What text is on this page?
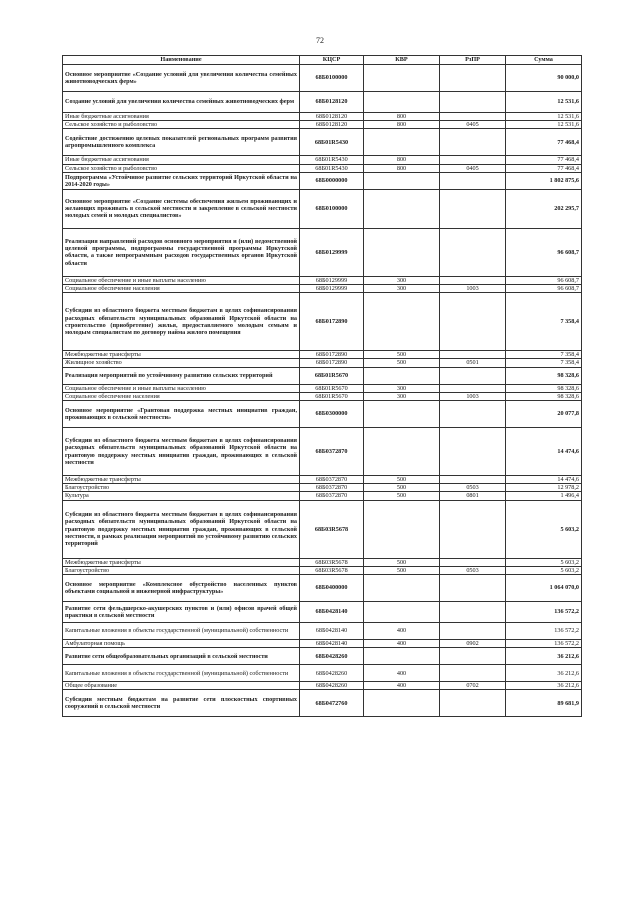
72
Наименование	КЦСР	КВР	РзПР	Сумма
Основное мероприятие «Создание условий для увеличения количества семейных животноводческих ферм»	68Б0100000			90 000,0
Создание условий для увеличения количества семейных животноводческих ферм	68Б0128120			12 531,6
Иные бюджетные ассигнования	68Б0128120	800		12 531,6
Сельское хозяйство и рыболовство	68Б0128120	800	0405	12 531,6
Содействие достижению целевых показателей региональных программ развития агропромышленного комплекса	68Б01R5430			77 468,4
Иные бюджетные ассигнования	68Б01R5430	800		77 468,4
Сельское хозяйство и рыболовство	68Б01R5430	800	0405	77 468,4
Подпрограмма «Устойчивое развитие сельских территорий Иркутской области на 2014-2020 годы»	68Б0000000			1 802 875,6
Основное мероприятие «Создание системы обеспечения жильем проживающих и желающих проживать в сельской местности и закрепление в сельской местности молодых семей и молодых специалистов»	68Б0100000			202 295,7
Реализация направлений расходов основного мероприятия и (или) ведомственной целевой программы, подпрограммы государственной программы Иркутской области, а также непрограммным расходов государственных органов Иркутской области	68Б0129999			96 608,7
Социальное обеспечение и иные выплаты населению	68Б0129999	300		96 608,7
Социальное обеспечение населения	68Б0129999	300	1003	96 608,7
Субсидии из областного бюджета местным бюджетам в целях софинансирования расходных обязательств муниципальных образований Иркутской области на строительство (приобретение) жилья, предоставляемого молодым семьям и молодым специалистам по договору найма жилого помещения	68Б0172890			7 358,4
Межбюджетные трансферты	68Б0172890	500		7 358,4
Жилищное хозяйство	68Б0172890	500	0501	7 358,4
Реализация мероприятий по устойчивому развитию сельских территорий	68Б01R5670			98 328,6
Социальное обеспечение и иные выплаты населению	68Б01R5670	300		98 328,6
Социальное обеспечение населения	68Б01R5670	300	1003	98 328,6
Основное мероприятие «Грантовая поддержка местных инициатив граждан, проживающих в сельской местности»	68Б0300000			20 077,8
Субсидии из областного бюджета местным бюджетам в целях софинансирования расходных обязательств муниципальных образований Иркутской области на грантовую поддержку местных инициатив граждан, проживающих в сельской местности	68Б0372870			14 474,6
Межбюджетные трансферты	68Б0372870	500		14 474,6
Благоустройство	68Б0372870	500	0503	12 978,2
Культура	68Б0372870	500	0801	1 496,4
Субсидии из областного бюджета местным бюджетам в целях софинансирования расходных обязательств муниципальных образований Иркутской области на грантовую поддержку местных инициатив граждан, проживающих в сельской местности, в рамках реализации мероприятий по устойчивому развитию сельских территорий	68Б03R5678			5 603,2
Межбюджетные трансферты	68Б03R5678	500		5 603,2
Благоустройство	68Б03R5678	500	0503	5 603,2
Основное мероприятие «Комплексное обустройство населенных пунктов объектами социальной и инженерной инфраструктуры»	68Б0400000			1 064 070,0
Развитие сети фельдшерско-акушерских пунктов и (или) офисов врачей общей практики в сельской местности	68Б0428140			136 572,2
Капитальные вложения в объекты государственной (муниципальной) собственности	68Б0428140	400		136 572,2
Амбулаторная помощь	68Б0428140	400	0902	136 572,2
Развитие сети общеобразовательных организаций в сельской местности	68Б0428260			36 212,6
Капитальные вложения в объекты государственной (муниципальной) собственности	68Б0428260	400		36 212,6
Общее образование	68Б0428260	400	0702	36 212,6
Субсидии местным бюджетам на развитие сети плоскостных спортивных сооружений в сельской местности	68Б0472760			89 681,9
